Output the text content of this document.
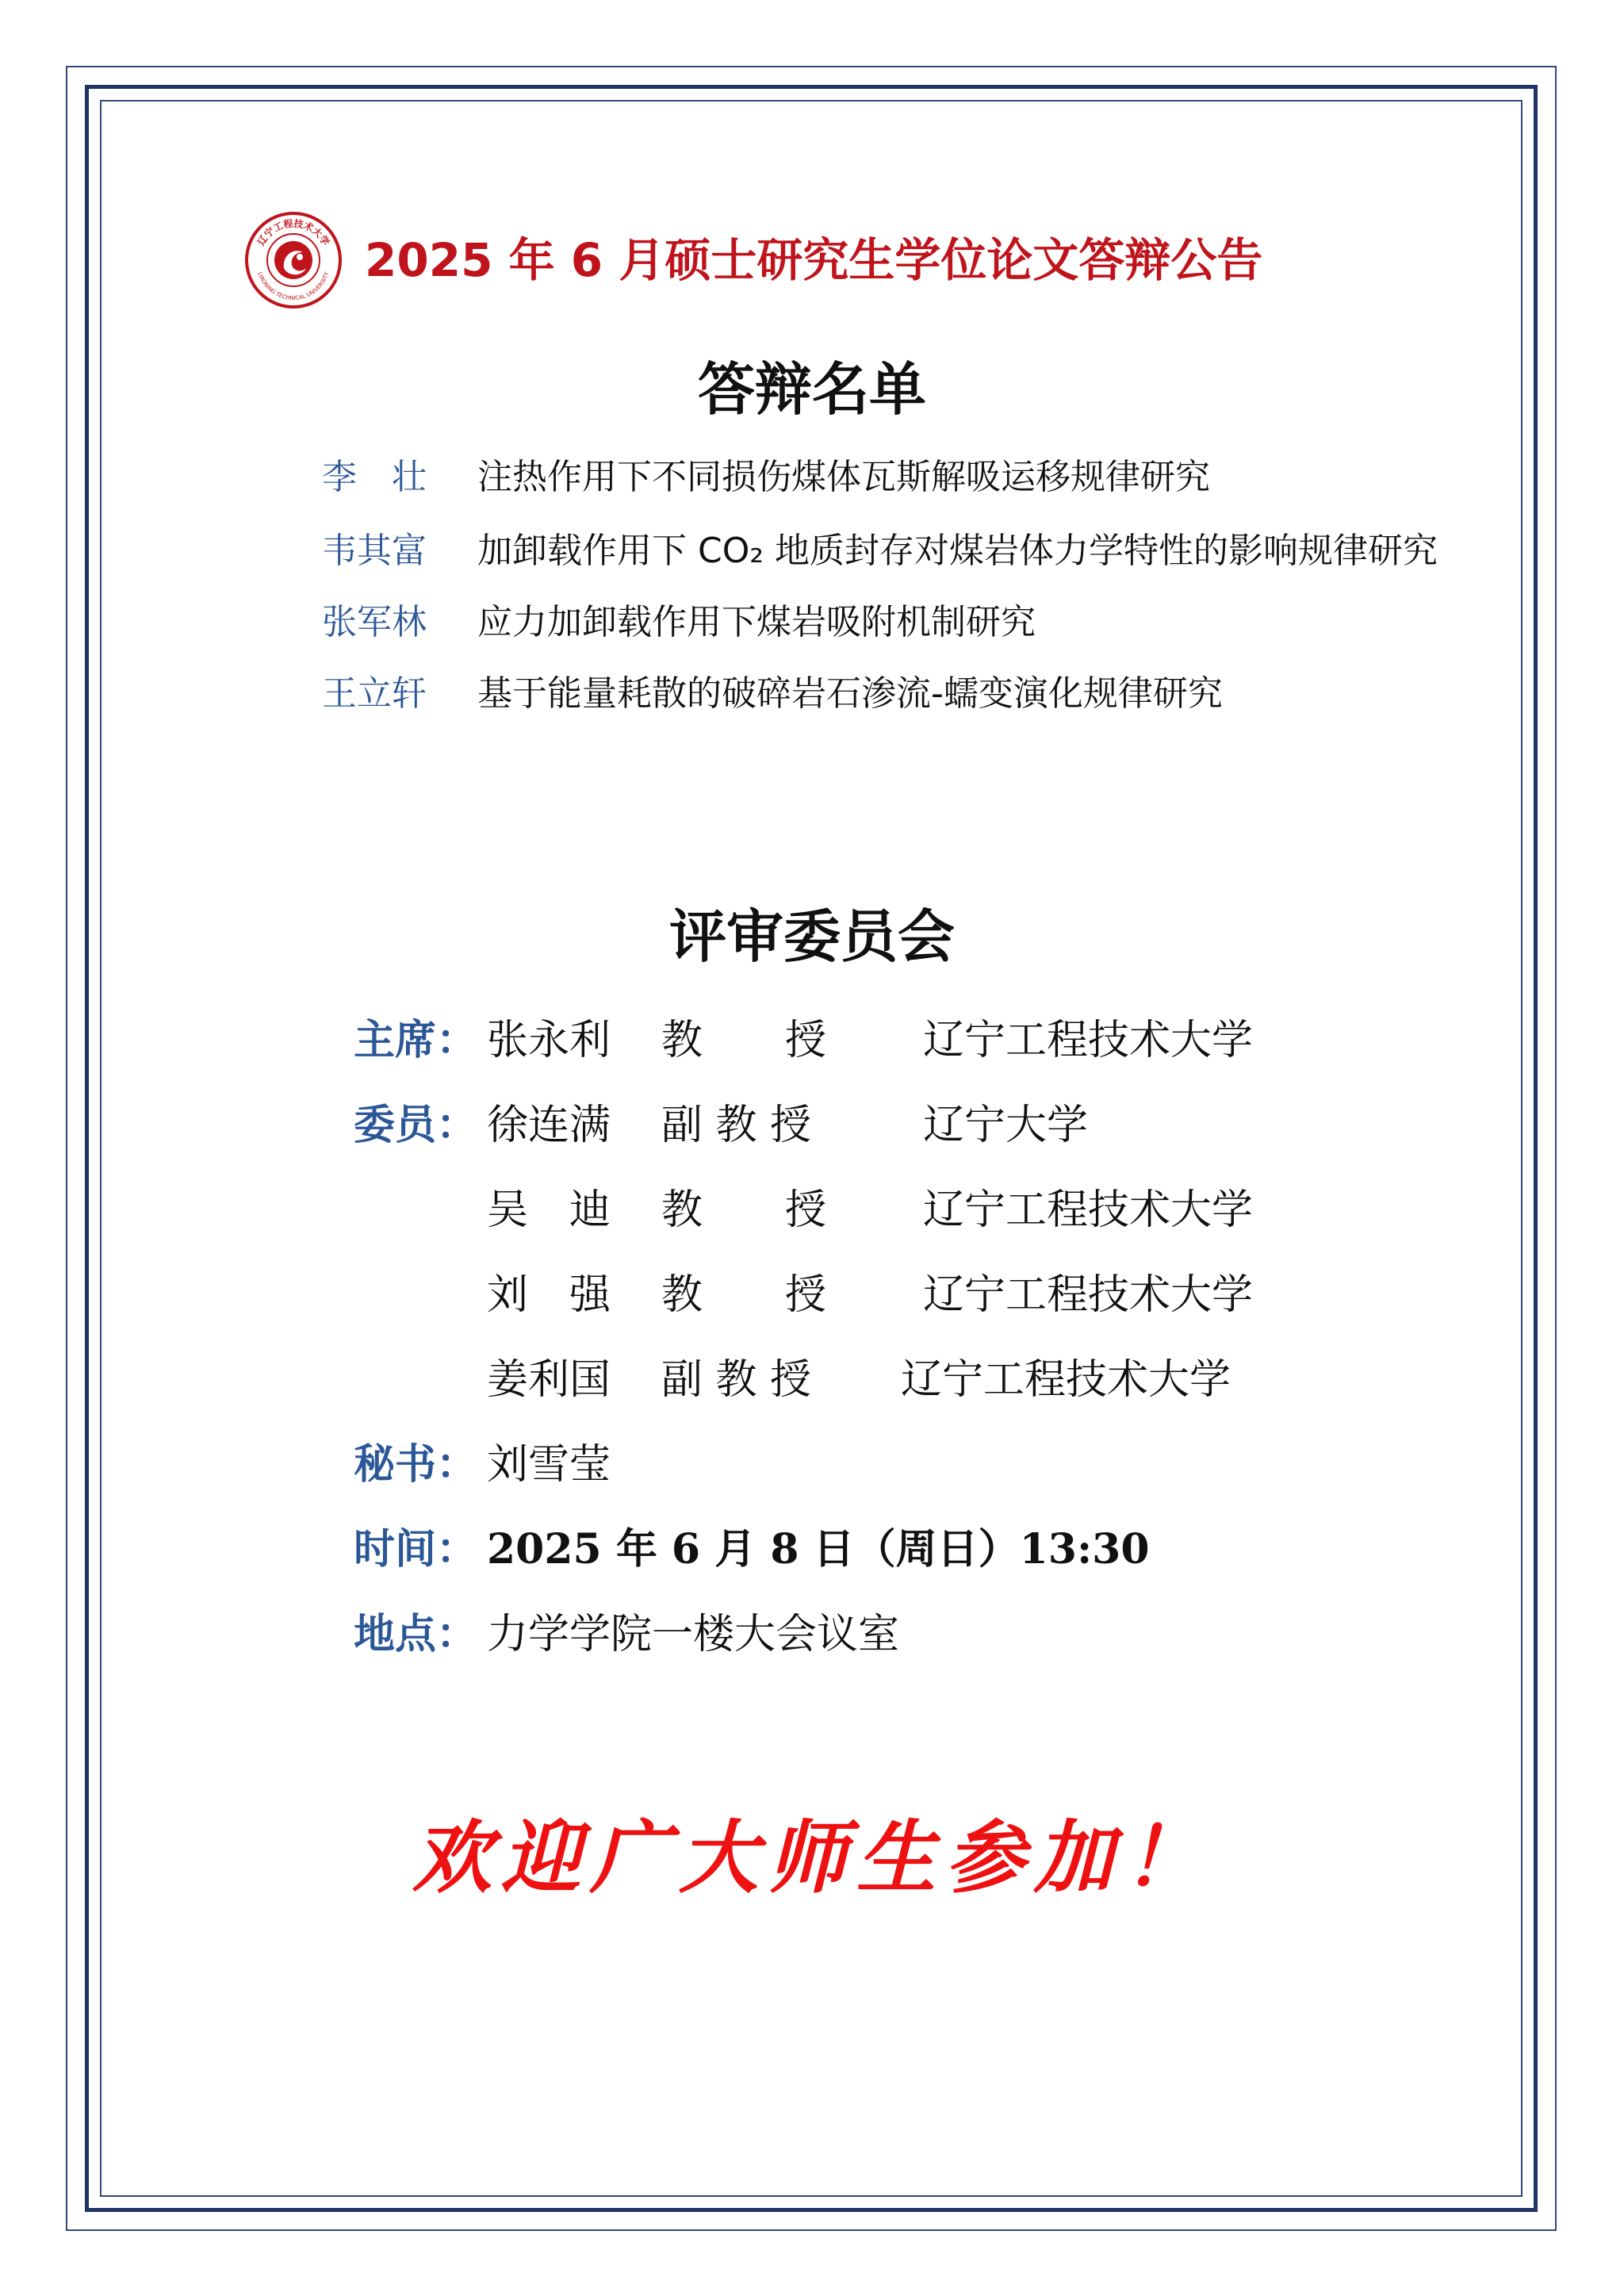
辽宁工程技术大学
LIAONING TECHNICAL UNIVERSITY 2025 年 6 月硕士研究生学位论文答辩公告
答辩名单
李　壮	注热作用下不同损伤煤体瓦斯解吸运移规律研究
韦其富	加卸载作用下 CO₂ 地质封存对煤岩体力学特性的影响规律研究
张军林	应力加卸载作用下煤岩吸附机制研究
王立轩	基于能量耗散的破碎岩石渗流-蠕变演化规律研究
评审委员会
主席： 张永利 教　　授 辽宁工程技术大学
委员： 徐连满 副 教 授	辽宁大学
吴　迪 教　　授 辽宁工程技术大学
刘　强 教　　授 辽宁工程技术大学
姜利国 副 教 授 辽宁工程技术大学
秘书： 刘雪莹
时间： 2025 年 6 月 8 日（周日）13:30
地点： 力学学院一楼大会议室
欢迎广大师生参加！
